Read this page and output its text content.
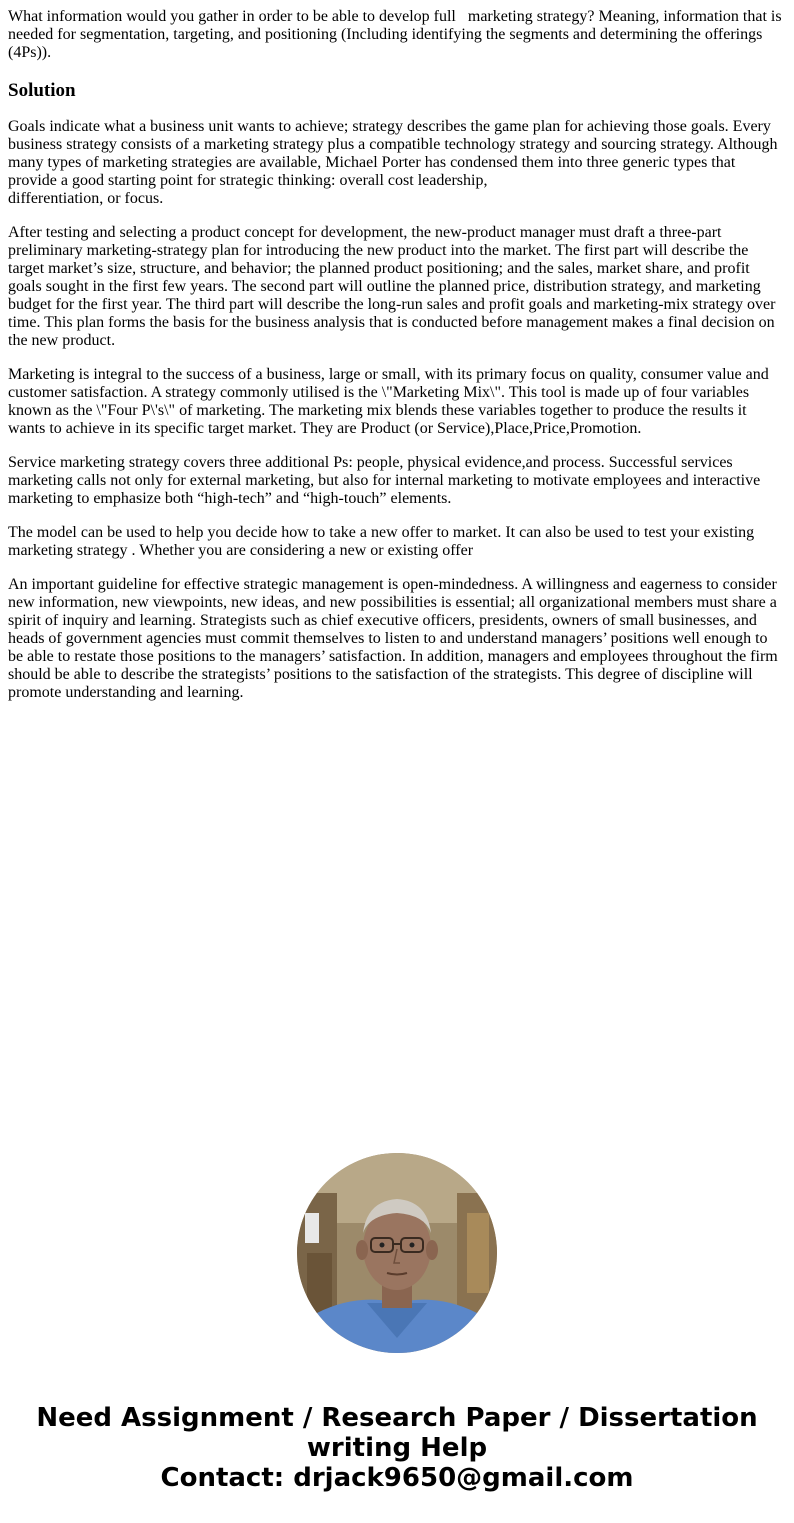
What information would you gather in order to be able to develop full   marketing strategy? Meaning, information that is needed for segmentation, targeting, and positioning (Including identifying the segments and determining the offerings (4Ps)).

Solution

Goals indicate what a business unit wants to achieve; strategy describes the game plan for achieving those goals. Every business strategy consists of a marketing strategy plus a compatible technology strategy and sourcing strategy. Although many types of marketing strategies are available, Michael Porter has condensed them into three generic types that provide a good starting point for strategic thinking: overall cost leadership,
differentiation, or focus.

After testing and selecting a product concept for development, the new-product manager must draft a three-part preliminary marketing-strategy plan for introducing the new product into the market. The first part will describe the target market’s size, structure, and behavior; the planned product positioning; and the sales, market share, and profit goals sought in the first few years. The second part will outline the planned price, distribution strategy, and marketing budget for the first year. The third part will describe the long-run sales and profit goals and marketing-mix strategy over time. This plan forms the basis for the business analysis that is conducted before management makes a final decision on the new product.

Marketing is integral to the success of a business, large or small, with its primary focus on quality, consumer value and customer satisfaction. A strategy commonly utilised is the \"Marketing Mix\". This tool is made up of four variables known as the \"Four P\'s\" of marketing. The marketing mix blends these variables together to produce the results it wants to achieve in its specific target market. They are Product (or Service),Place,Price,Promotion.

Service marketing strategy covers three additional Ps: people, physical evidence,and process. Successful services marketing calls not only for external marketing, but also for internal marketing to motivate employees and interactive marketing to emphasize both “high-tech” and “high-touch” elements.

The model can be used to help you decide how to take a new offer to market. It can also be used to test your existing marketing strategy . Whether you are considering a new or existing offer

An important guideline for effective strategic management is open-mindedness. A willingness and eagerness to consider new information, new viewpoints, new ideas, and new possibilities is essential; all organizational members must share a spirit of inquiry and learning. Strategists such as chief executive officers, presidents, owners of small businesses, and heads of government agencies must commit themselves to listen to and understand managers’ positions well enough to be able to restate those positions to the managers’ satisfaction. In addition, managers and employees throughout the firm should be able to describe the strategists’ positions to the satisfaction of the strategists. This degree of discipline will promote understanding and learning.

Need Assignment / Research Paper / Dissertation
writing Help
Contact: drjack9650@gmail.com
